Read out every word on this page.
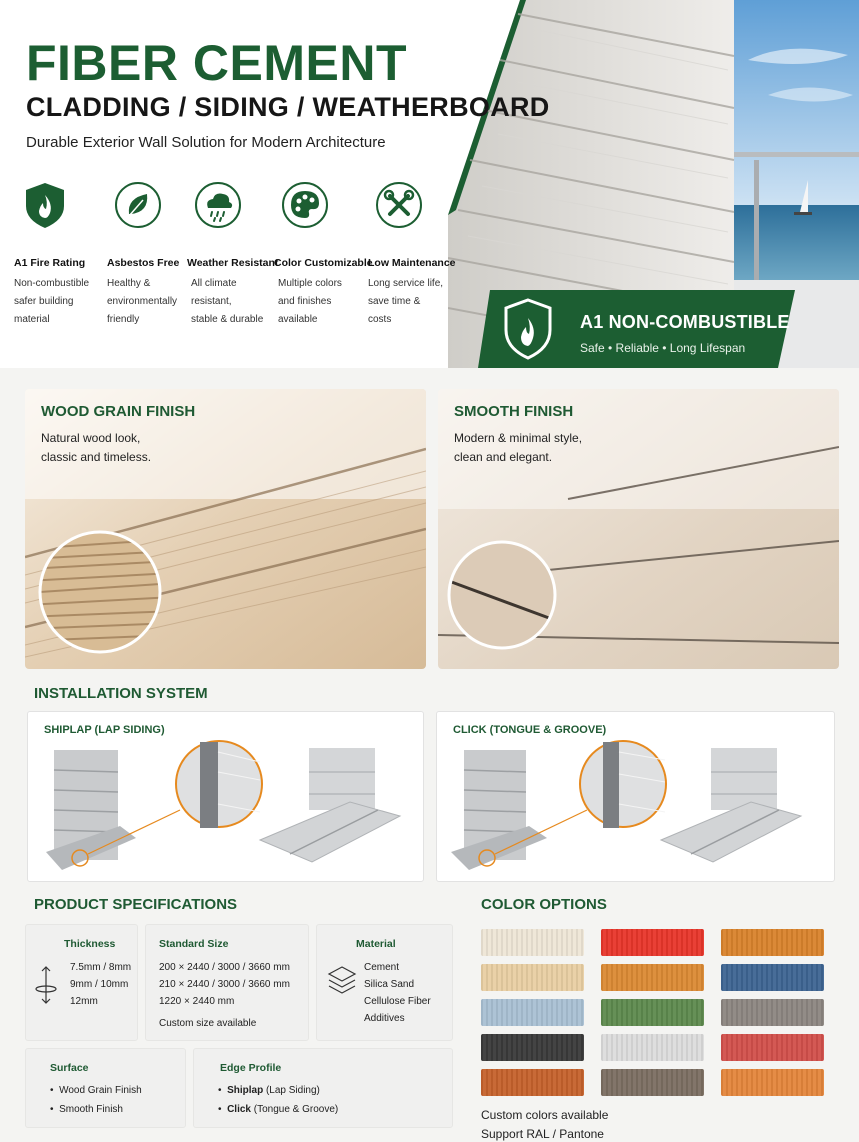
A1 NON-COMBUSTIBLE
Safe • Reliable • Long Lifespan
FIBER CEMENT
CLADDING / SIDING / WEATHERBOARD
Durable Exterior Wall Solution for Modern Architecture
A1 Fire Rating
Non-combustible
safer building
material
Asbestos Free
Healthy &
environmentally
friendly
Weather Resistant
All climate
resistant,
stable & durable
Color Customizable
Multiple colors
and finishes
available
Low Maintenance
Long service life,
save time &
costs
WOOD GRAIN FINISH
Natural wood look,
classic and timeless.
SMOOTH FINISH
Modern & minimal style,
clean and elegant.
INSTALLATION SYSTEM
SHIPLAP (LAP SIDING)	CLICK (TONGUE & GROOVE)
PRODUCT SPECIFICATIONS
Thickness
7.5mm / 8mm
9mm / 10mm
12mm
Standard Size
200 × 2440 / 3000 / 3660 mm
210 × 2440 / 3000 / 3660 mm
1220 × 2440 mm
Custom size available
Material
Cement
Silica Sand
Cellulose Fiber
Additives
Surface
•  Wood Grain Finish
•  Smooth Finish
Edge Profile
•  Shiplap (Lap Siding)
•  Click (Tongue & Groove)
COLOR OPTIONS
Custom colors available
Support RAL / Pantone
